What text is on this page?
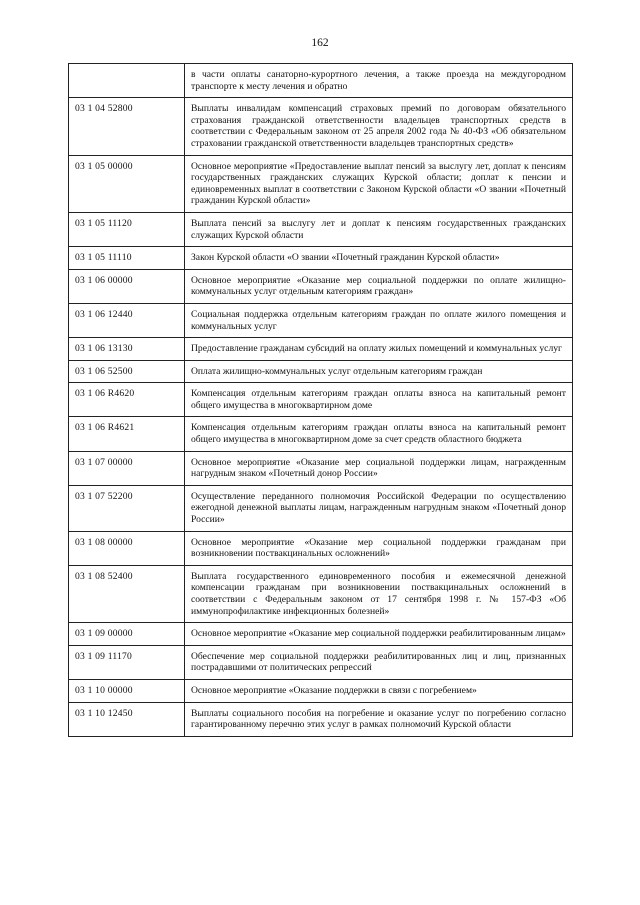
162
	в части оплаты санаторно-курортного лечения, а также проезда на междугородном транспорте к месту лечения и обратно
03 1 04 52800	Выплаты инвалидам компенсаций страховых премий по договорам обязательного страхования гражданской ответственности владельцев транспортных средств в соответствии с Федеральным законом от 25 апреля 2002 года № 40-ФЗ «Об обязательном страховании гражданской ответственности владельцев транспортных средств»
03 1 05 00000	Основное мероприятие «Предоставление выплат пенсий за выслугу лет, доплат к пенсиям государственных гражданских служащих Курской области; доплат к пенсии и единовременных выплат в соответствии с Законом Курской области «О звании «Почетный гражданин Курской области»
03 1 05 11120	Выплата пенсий за выслугу лет и доплат к пенсиям государственных гражданских служащих Курской области
03 1 05 11110	Закон Курской области «О звании «Почетный гражданин Курской области»
03 1 06 00000	Основное мероприятие «Оказание мер социальной поддержки по оплате жилищно-коммунальных услуг отдельным категориям граждан»
03 1 06 12440	Социальная поддержка отдельным категориям граждан по оплате жилого помещения и коммунальных услуг
03 1 06 13130	Предоставление гражданам субсидий на оплату жилых помещений и коммунальных услуг
03 1 06 52500	Оплата жилищно-коммунальных услуг отдельным категориям граждан
03 1 06 R4620	Компенсация отдельным категориям граждан оплаты взноса на капитальный ремонт общего имущества в многоквартирном доме
03 1 06 R4621	Компенсация отдельным категориям граждан оплаты взноса на капитальный ремонт общего имущества в многоквартирном доме за счет средств областного бюджета
03 1 07 00000	Основное мероприятие «Оказание мер социальной поддержки лицам, награжденным нагрудным знаком «Почетный донор России»
03 1 07 52200	Осуществление переданного полномочия Российской Федерации по осуществлению ежегодной денежной выплаты лицам, награжденным нагрудным знаком «Почетный донор России»
03 1 08 00000	Основное мероприятие «Оказание мер социальной поддержки гражданам при возникновении поствакцинальных осложнений»
03 1 08 52400	Выплата государственного единовременного пособия и ежемесячной денежной компенсации гражданам при возникновении поствакцинальных осложнений в соответствии с Федеральным законом от 17 сентября 1998 г. № 157-ФЗ «Об иммунопрофилактике инфекционных болезней»
03 1 09 00000	Основное мероприятие «Оказание мер социальной поддержки реабилитированным лицам»
03 1 09 11170	Обеспечение мер социальной поддержки реабилитированных лиц и лиц, признанных пострадавшими от политических репрессий
03 1 10 00000	Основное мероприятие «Оказание поддержки в связи с погребением»
03 1 10 12450	Выплаты социального пособия на погребение и оказание услуг по погребению согласно гарантированному перечню этих услуг в рамках полномочий Курской области
